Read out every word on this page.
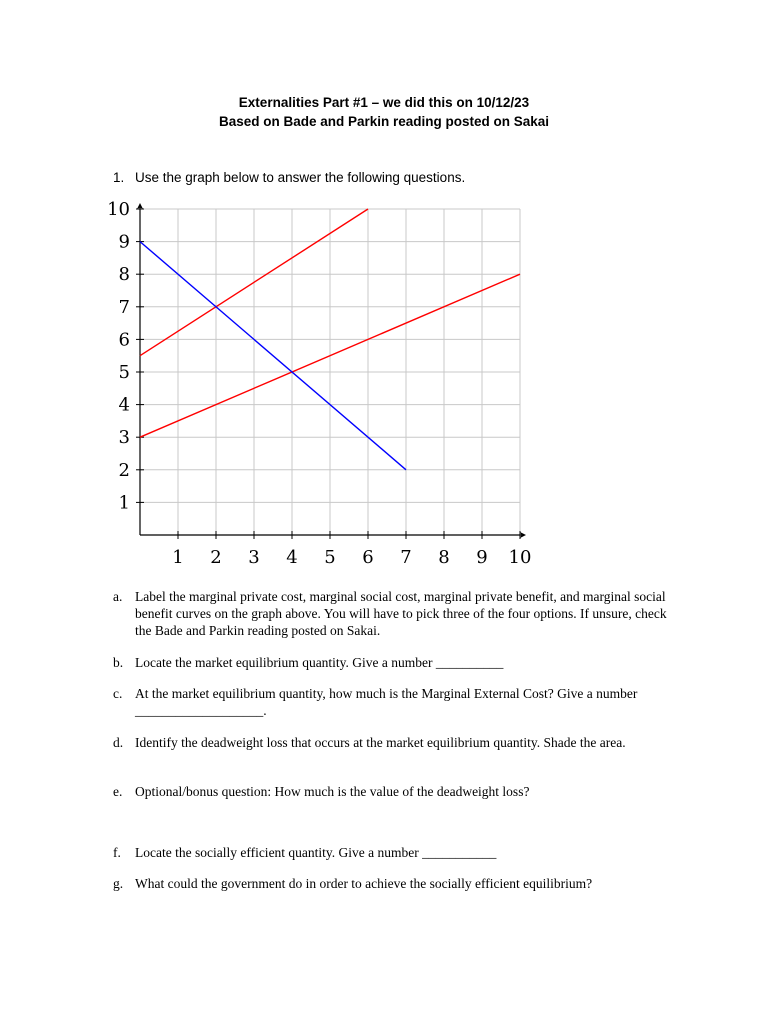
Externalities Part #1 – we did this on 10/12/23
Based on Bade and Parkin reading posted on Sakai
1. Use the graph below to answer the following questions.
1 2 3 4 5 6 7 8 9 10
1
2
3
4
5
6
7
8
9
10
a. Label the marginal private cost, marginal social cost, marginal private benefit, and marginal social benefit curves on the graph above. You will have to pick three of the four options. If unsure, check the Bade and Parkin reading posted on Sakai.
b. Locate the market equilibrium quantity. Give a number __________
c. At the market equilibrium quantity, how much is the Marginal External Cost? Give a number ___________________.
d. Identify the deadweight loss that occurs at the market equilibrium quantity. Shade the area.
e. Optional/bonus question: How much is the value of the deadweight loss?
f. Locate the socially efficient quantity. Give a number ___________
g. What could the government do in order to achieve the socially efficient equilibrium?
